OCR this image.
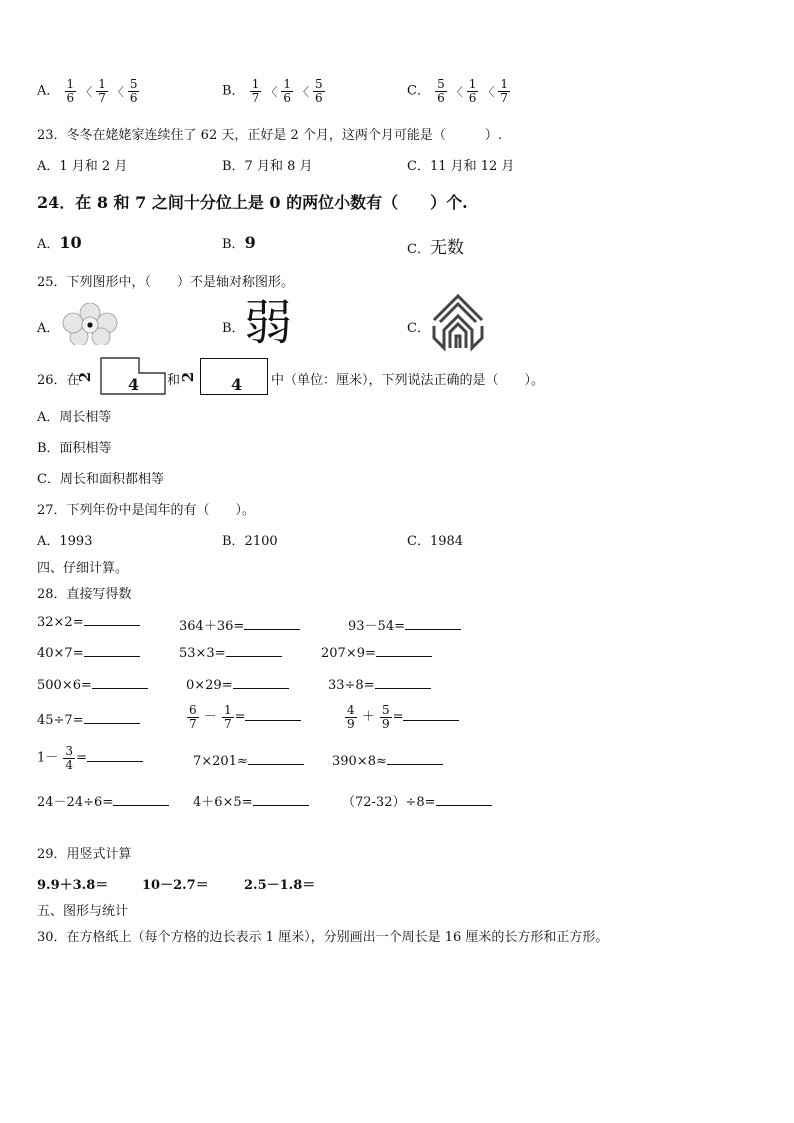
A． $\frac{1}{6}$ 〈 $\frac{1}{7}$ 〈 $\frac{5}{6}$	B． $\frac{1}{7}$ 〈 $\frac{1}{6}$ 〈 $\frac{5}{6}$	C． $\frac{5}{6}$ 〈 $\frac{1}{6}$ 〈 $\frac{1}{7}$
23．冬冬在姥姥家连续住了 62 天，正好是 2 个月，这两个月可能是（　　　）.
A．1 月和 2 月	B．7 月和 8 月	C．11 月和 12 月
24．在 8 和 7 之间十分位上是 0 的两位小数有（　　）个.
A．10	B．9	C．无数
25．下列图形中，（　　）不是轴对称图形。
A．	B． 弱	C．
26．在
2 4 和 2 4 中（单位：厘米），下列说法正确的是（　　）。
A．周长相等
B．面积相等
C．周长和面积都相等
27．下列年份中是闰年的有（　　）。
A．1993	B．2100	C．1984
四、仔细计算。
28．直接写得数
32×2=	364＋36=	93－54=
40×7=	53×3=	207×9=
500×6=	0×29=	33÷8=
45÷7=	$\frac{6}{7} - \frac{1}{7}$ =	$\frac{4}{9} + \frac{5}{9}$ =
$1- \frac{3}{4}$ =	7×201≈	390×8≈
24－24÷6=	4＋6×5=	（72-32）÷8=
29．用竖式计算
9.9＋3.8＝	10－2.7＝	2.5－1.8＝
五、图形与统计
30．在方格纸上（每个方格的边长表示 1 厘米），分别画出一个周长是 16 厘米的长方形和正方形。
